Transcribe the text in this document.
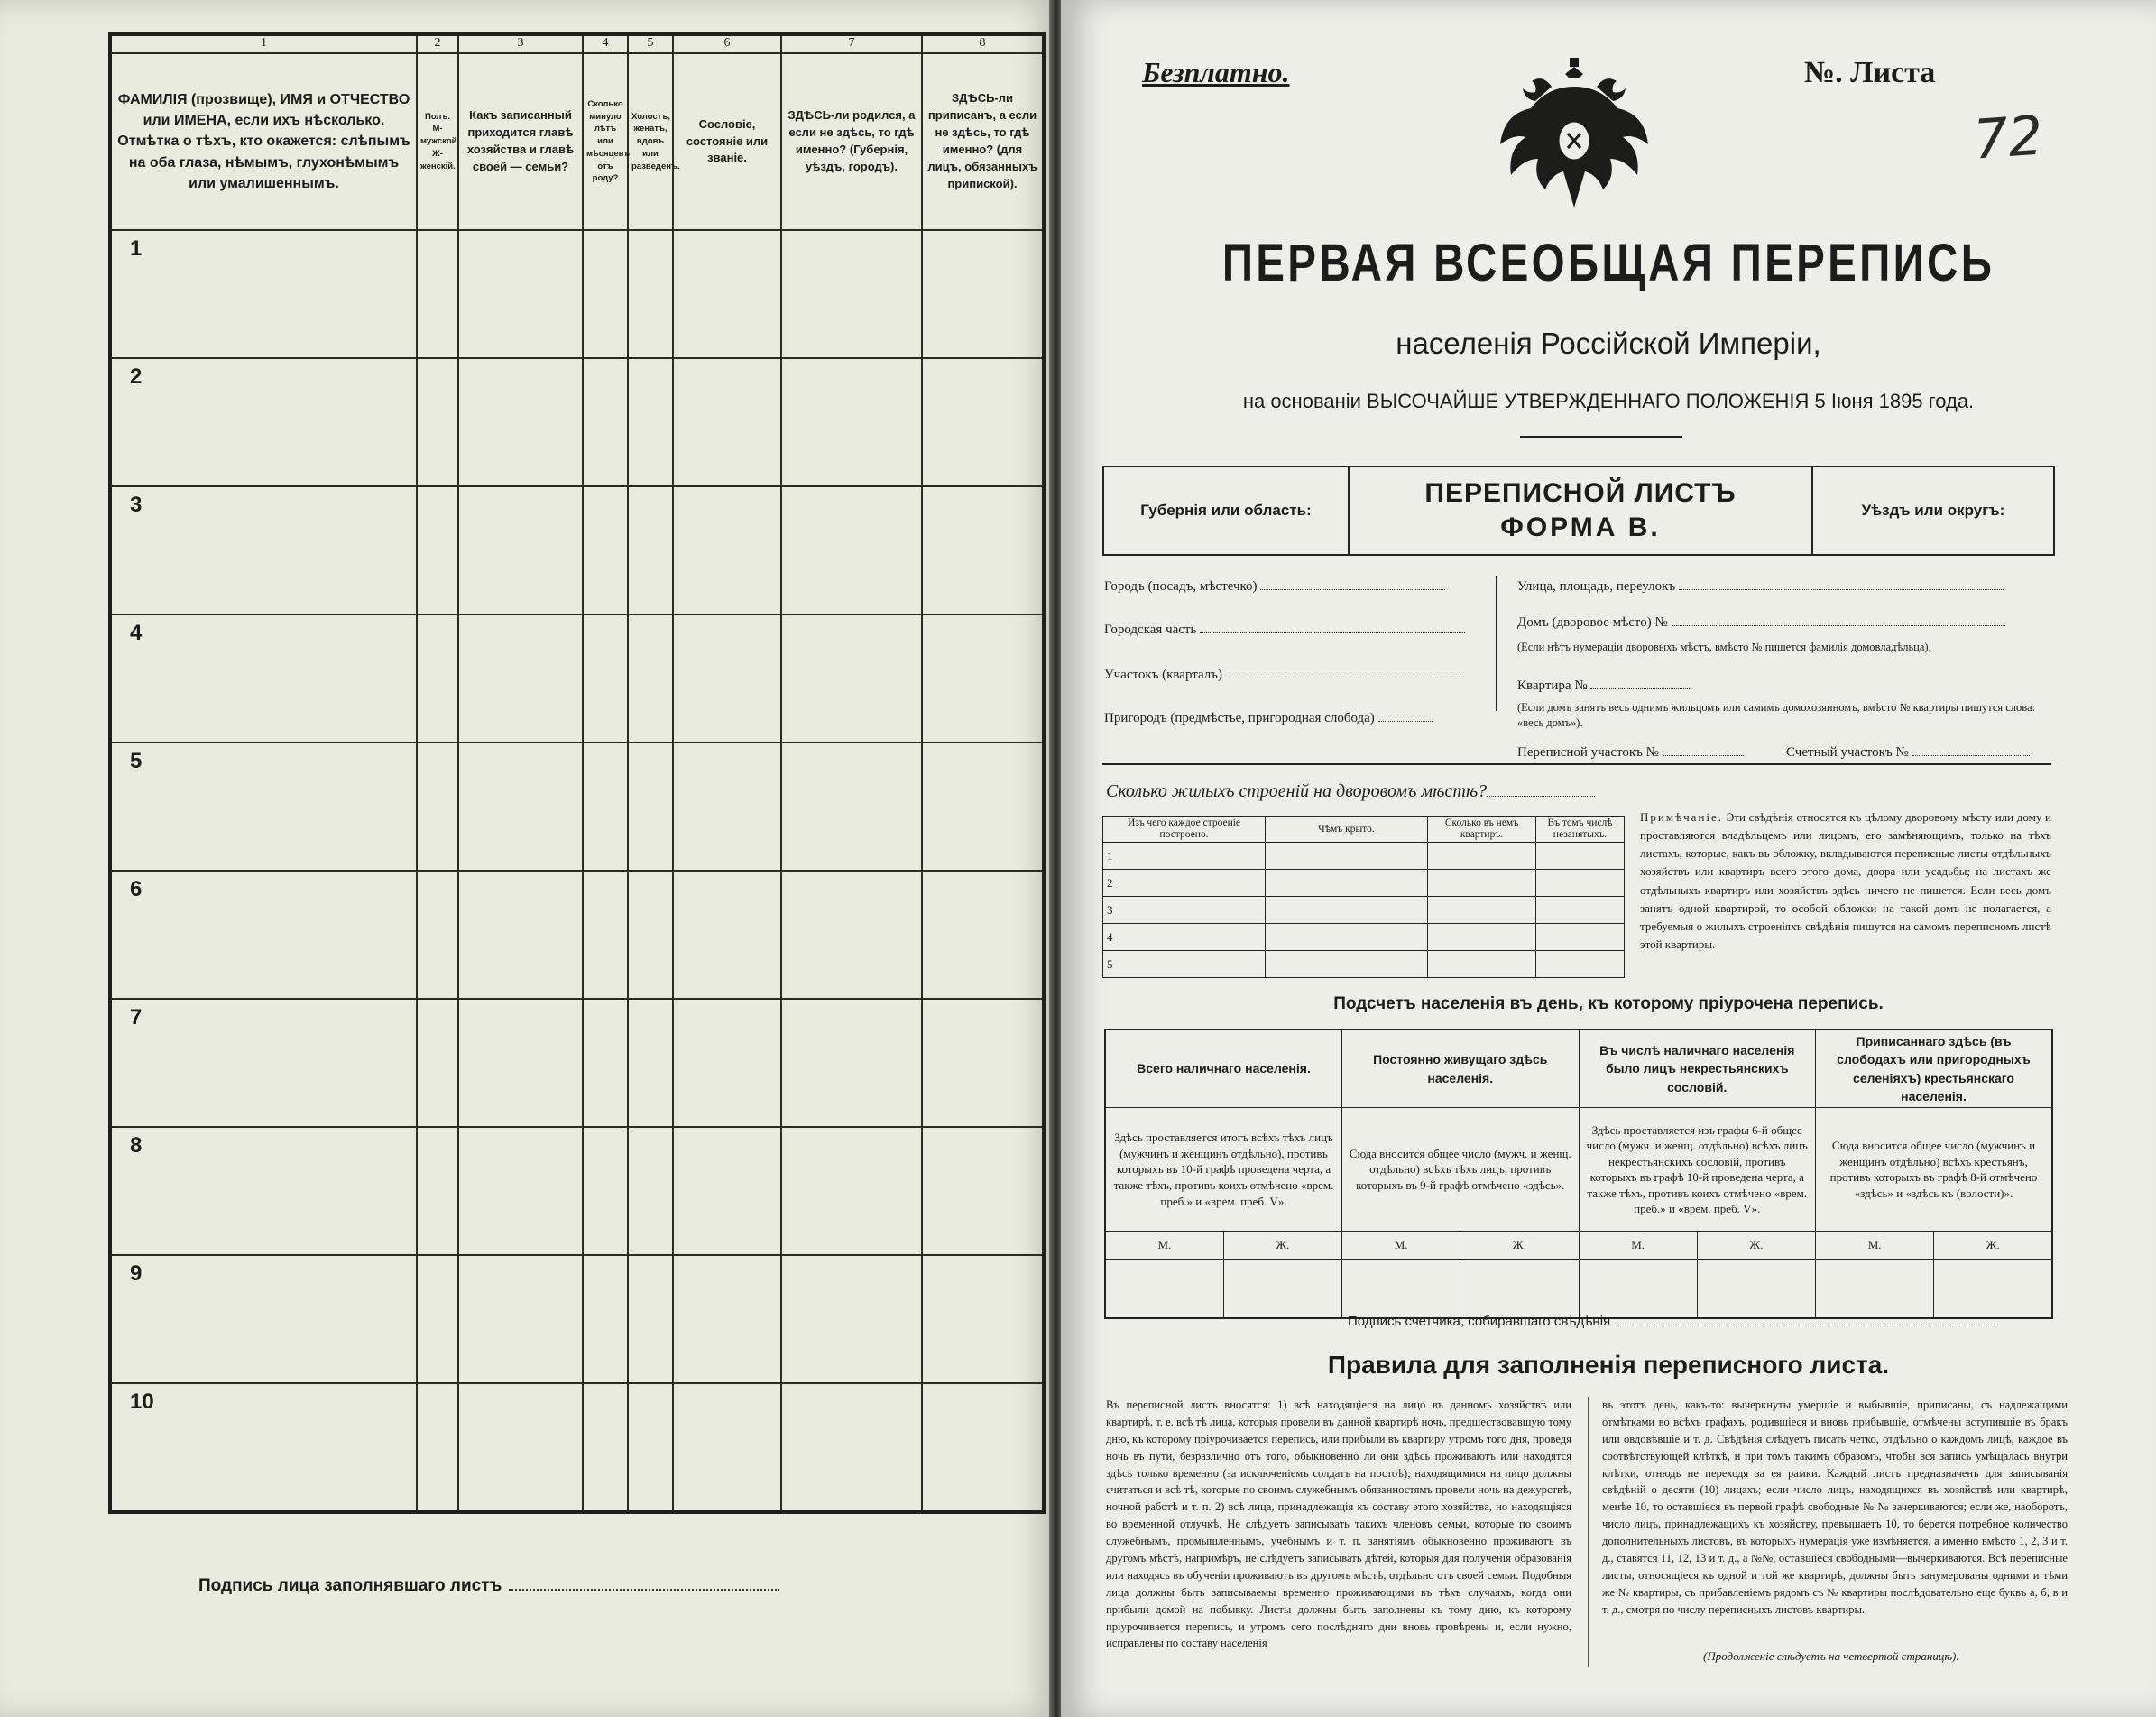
1	2	3	4	5	6	7	8
ФАМИЛІЯ (прозвище), ИМЯ и ОТЧЕСТВО или ИМЕНА, если ихъ нѣсколько. Отмѣтка о тѣхъ, кто окажется: слѣпымъ на оба глаза, нѣмымъ, глухонѣмымъ или умалишеннымъ.	Полъ. М-мужской. Ж-женскій.	Какъ записанный приходится главѣ хозяйства и главѣ своей — семьи?	Сколько минуло лѣтъ или мѣсяцевъ отъ роду?	Холостъ, женатъ, вдовъ или разведенъ.	Сословіе, состояніе или званіе.	ЗДѢСЬ-ли родился, а если не здѣсь, то гдѣ именно? (Губернія, уѣздъ, городъ).	ЗДѢСЬ-ли приписанъ, а если не здѣсь, то гдѣ именно? (для лицъ, обязанныхъ припиской).
1							
2							
3							
4							
5							
6							
7							
8							
9							
10							
Подпись лица заполнявшаго листъ
Безплатно.	№. Листа
72
ПЕРВАЯ ВСЕОБЩАЯ ПЕРЕПИСЬ
населенія Россійской Имперіи,
на основаніи ВЫСОЧАЙШЕ УТВЕРЖДЕННАГО ПОЛОЖЕНІЯ 5 Іюня 1895 года.
Губернія или область:
ПЕРЕПИСНОЙ ЛИСТЪ
ФОРМА В.
Уѣздъ или округъ:
Городъ (посадъ, мѣстечко)
Городская часть
Участокъ (кварталъ)
Пригородъ (предмѣстье, пригородная слобода)
Улица, площадь, переулокъ
Домъ (дворовое мѣсто) №
(Если нѣтъ нумераціи дворовыхъ мѣстъ, вмѣсто № пишется фамилія домовладѣльца).
Квартира №
(Если домъ занятъ весь однимъ жильцомъ или самимъ домохозяиномъ, вмѣсто № квартиры пишутся слова: «весь домъ»).
Переписной участокъ №	Счетный участокъ №
Сколько жилыхъ строеній на дворовомъ мѣстѣ?
Изъ чего каждое строеніе построено.	Чѣмъ крыто.	Сколько въ немъ квартиръ.	Въ томъ числѣ незанятыхъ.
1			
2			
3			
4			
5			
Примѣчаніе. Эти свѣдѣнія относятся къ цѣлому дворовому мѣсту или дому и проставляются владѣльцемъ или лицомъ, его замѣняющимъ, только на тѣхъ листахъ, которые, какъ въ обложку, вкладываются переписные листы отдѣльныхъ хозяйствъ или квартиръ всего этого дома, двора или усадьбы; на листахъ же отдѣльныхъ квартиръ или хозяйствъ здѣсь ничего не пишется. Если весь домъ занятъ одной квартирой, то особой обложки на такой домъ не полагается, а требуемыя о жилыхъ строеніяхъ свѣдѣнія пишутся на самомъ переписномъ листѣ этой квартиры.
Подсчетъ населенія въ день, къ которому пріурочена перепись.
Всего наличнаго населенія.		Постоянно живущаго здѣсь населенія.		Въ числѣ наличнаго населенія было лицъ некрестьянскихъ сословій.		Приписаннаго здѣсь (въ слободахъ или пригородныхъ селеніяхъ) крестьянскаго населенія.	
Здѣсь проставляется итогъ всѣхъ тѣхъ лицъ (мужчинъ и женщинъ отдѣльно), противъ которыхъ въ 10-й графѣ проведена черта, а также тѣхъ, противъ коихъ отмѣчено «врем. преб.» и «врем. преб. V».		Сюда вносится общее число (мужч. и женщ. отдѣльно) всѣхъ тѣхъ лицъ, противъ которыхъ въ 9-й графѣ отмѣчено «здѣсь».		Здѣсь проставляется изъ графы 6-й общее число (мужч. и женщ. отдѣльно) всѣхъ лицъ некрестьянскихъ сословій, противъ которыхъ въ графѣ 10-й проведена черта, а также тѣхъ, противъ коихъ отмѣчено «врем. преб.» и «врем. преб. V».		Сюда вносится общее число (мужчинъ и женщинъ отдѣльно) всѣхъ крестьянъ, противъ которыхъ въ графѣ 8-й отмѣчено «здѣсь» и «здѣсь къ (волости)».	
М.	Ж.	М.	Ж.	М.	Ж.	М.	Ж.

Подпись счетчика, собиравшаго свѣдѣнія
Правила для заполненія переписного листа.
Въ переписной листъ вносятся: 1) всѣ находящіеся на лицо въ данномъ хозяйствѣ или квартирѣ, т. е. всѣ тѣ лица, которыя провели въ данной квартирѣ ночь, предшествовавшую тому дню, къ которому пріурочивается перепись, или прибыли въ квартиру утромъ того дня, проведя ночь въ пути, безразлично отъ того, обыкновенно ли они здѣсь проживаютъ или находятся здѣсь только временно (за исключеніемъ солдатъ на постоѣ); находящимися на лицо должны считаться и всѣ тѣ, которые по своимъ служебнымъ обязанностямъ провели ночь на дежурствѣ, ночной работѣ и т. п. 2) всѣ лица, принадлежащія къ составу этого хозяйства, но находящіяся во временной отлучкѣ. Не слѣдуетъ записывать такихъ членовъ семьи, которые по своимъ служебнымъ, промышленнымъ, учебнымъ и т. п. занятіямъ обыкновенно проживаютъ въ другомъ мѣстѣ, напримѣръ, не слѣдуетъ записывать дѣтей, которыя для полученія образованія или находясь въ обученіи проживаютъ въ другомъ мѣстѣ, отдѣльно отъ своей семьи. Подобныя лица должны быть записываемы временно проживающими въ тѣхъ случаяхъ, когда они прибыли домой на побывку. Листы должны быть заполнены къ тому дню, къ которому пріурочивается перепись, и утромъ сего послѣдняго дни вновь провѣрены и, если нужно, исправлены по составу населенія
въ этотъ день, какъ-то: вычеркнуты умершіе и выбывшіе, приписаны, съ надлежащими отмѣтками во всѣхъ графахъ, родившіеся и вновь прибывшіе, отмѣчены вступившіе въ бракъ или овдовѣвшіе и т. д. Свѣдѣнія слѣдуетъ писать четко, отдѣльно о каждомъ лицѣ, каждое въ соотвѣтствующей клѣткѣ, и при томъ такимъ образомъ, чтобы вся запись умѣщалась внутри клѣтки, отнюдь не переходя за ея рамки. Каждый листъ предназначенъ для записыванія свѣдѣній о десяти (10) лицахъ; если число лицъ, находящихся въ хозяйствѣ или квартирѣ, менѣе 10, то оставшіеся въ первой графѣ свободные № № зачеркиваются; если же, наоборотъ, число лицъ, принадлежащихъ къ хозяйству, превышаетъ 10, то берется потребное количество дополнительныхъ листовъ, въ которыхъ нумерація уже измѣняется, а именно вмѣсто 1, 2, 3 и т. д., ставятся 11, 12, 13 и т. д., а №№, оставшіеся свободными—вычеркиваются. Всѣ переписные листы, относящіеся къ одной и той же квартирѣ, должны быть занумерованы одними и тѣми же № квартиры, съ прибавленіемъ рядомъ съ № квартиры послѣдовательно еще буквъ а, б, в и т. д., смотря по числу переписныхъ листовъ квартиры.
(Продолженіе слѣдуетъ на четвертой страницѣ).
